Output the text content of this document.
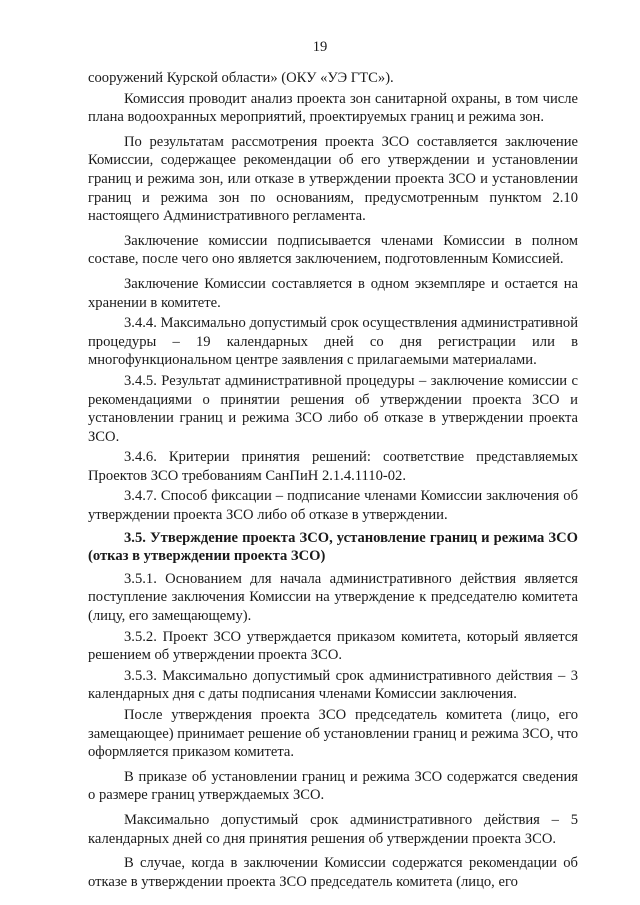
19

сооружений Курской области» (ОКУ «УЭ ГТС»).

Комиссия проводит анализ проекта зон санитарной охраны, в том числе плана водоохранных мероприятий, проектируемых границ и режима зон.

По результатам рассмотрения проекта ЗСО составляется заключение Комиссии, содержащее рекомендации об его утверждении и установлении границ и режима зон, или отказе в утверждении проекта ЗСО и установлении границ и режима зон по основаниям, предусмотренным пунктом 2.10 настоящего Административного регламента.

Заключение комиссии подписывается членами Комиссии в полном составе, после чего оно является заключением, подготовленным Комиссией.

Заключение Комиссии составляется в одном экземпляре и остается на хранении в комитете.

3.4.4. Максимально допустимый срок осуществления административной процедуры – 19 календарных дней со дня регистрации или в многофункциональном центре заявления с прилагаемыми материалами.

3.4.5. Результат административной процедуры – заключение комиссии с рекомендациями о принятии решения об утверждении проекта ЗСО и установлении границ и режима ЗСО либо об отказе в утверждении проекта ЗСО.

3.4.6. Критерии принятия решений: соответствие представляемых Проектов ЗСО требованиям СанПиН 2.1.4.1110-02.

3.4.7. Способ фиксации – подписание членами Комиссии заключения об утверждении проекта ЗСО либо об отказе в утверждении.

3.5. Утверждение проекта ЗСО, установление границ и режима ЗСО (отказ в утверждении проекта ЗСО)

3.5.1. Основанием для начала административного действия является поступление заключения Комиссии на утверждение к председателю комитета (лицу, его замещающему).

3.5.2. Проект ЗСО утверждается приказом комитета, который является решением об утверждении проекта ЗСО.

3.5.3. Максимально допустимый срок административного действия – 3 календарных дня с даты подписания членами Комиссии заключения.

После утверждения проекта ЗСО председатель комитета (лицо, его замещающее) принимает решение об установлении границ и режима ЗСО, что оформляется приказом комитета.

В приказе об установлении границ и режима ЗСО содержатся сведения о размере границ утверждаемых ЗСО.

Максимально допустимый срок административного действия – 5 календарных дней со дня принятия решения об утверждении проекта ЗСО.

В случае, когда в заключении Комиссии содержатся рекомендации об отказе в утверждении проекта ЗСО председатель комитета (лицо, его
